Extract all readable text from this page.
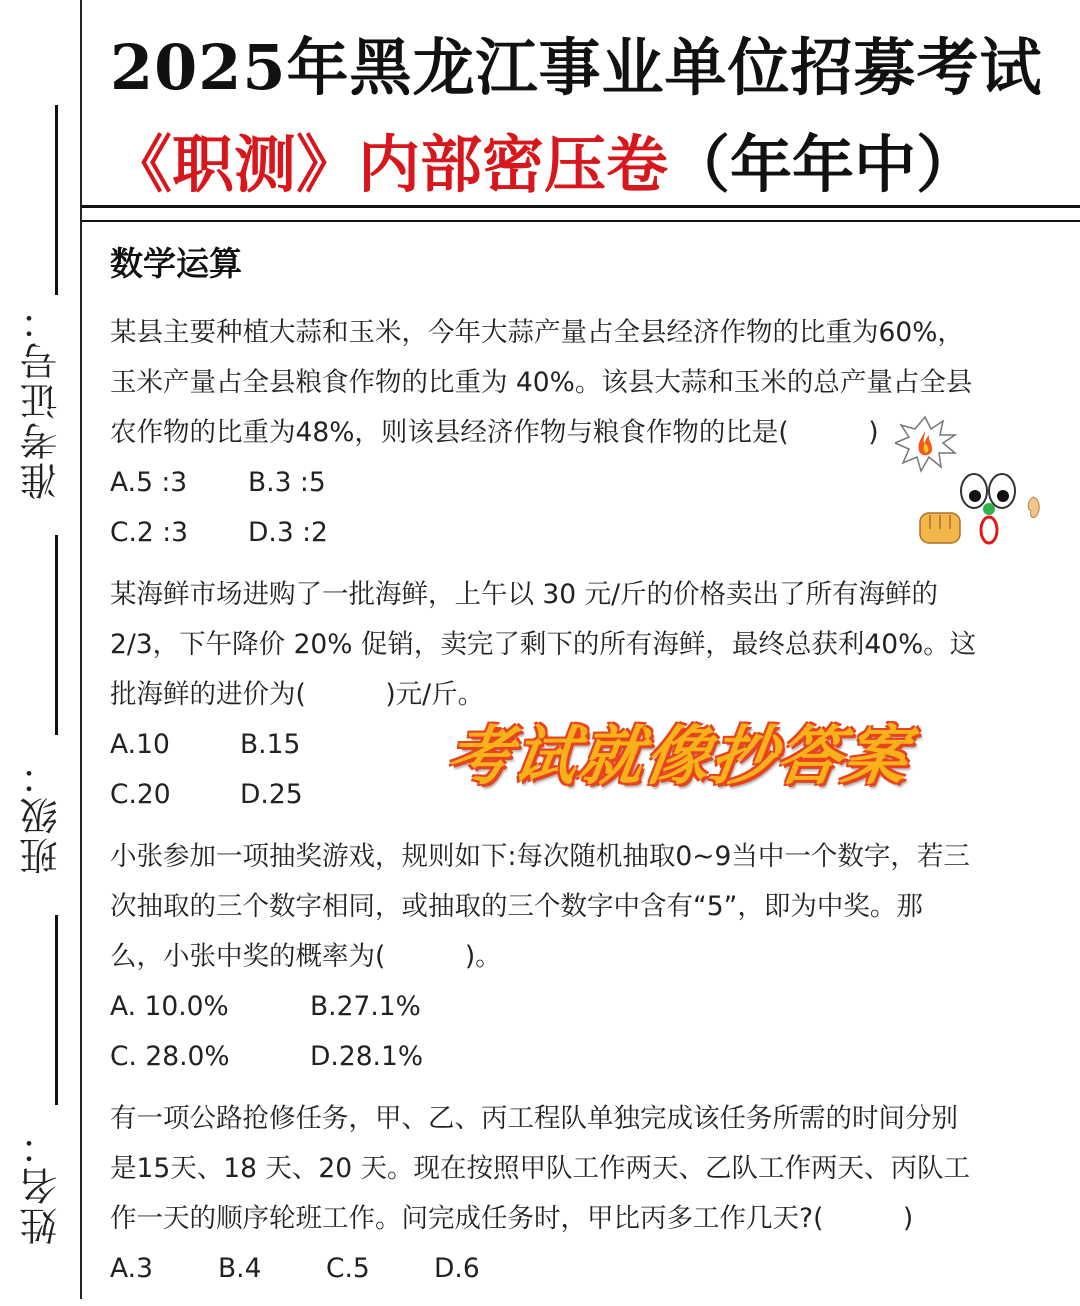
准考证号：
班级：
姓名：
2025年黑龙江事业单位招募考试
《职测》内部密压卷（年年中）
数学运算
某县主要种植大蒜和玉米，今年大蒜产量占全县经济作物的比重为60%，
玉米产量占全县粮食作物的比重为 40%。该县大蒜和玉米的总产量占全县
农作物的比重为48%，则该县经济作物与粮食作物的比是(　　　)
A.5 :3 B.3 :5
C.2 :3 D.3 :2
某海鲜市场进购了一批海鲜，上午以 30 元/斤的价格卖出了所有海鲜的
2/3，下午降价 20% 促销，卖完了剩下的所有海鲜，最终总获利40%。这
批海鲜的进价为(　　　)元/斤。
A.10	B.15
C.20	D.25
小张参加一项抽奖游戏，规则如下:每次随机抽取0~9当中一个数字，若三
次抽取的三个数字相同，或抽取的三个数字中含有“5”，即为中奖。那
么，小张中奖的概率为(　　　)。
A. 10.0%	B.27.1%
C. 28.0%	D.28.1%
有一项公路抢修任务，甲、乙、丙工程队单独完成该任务所需的时间分别
是15天、18 天、20 天。现在按照甲队工作两天、乙队工作两天、丙队工
作一天的顺序轮班工作。问完成任务时，甲比丙多工作几天?(　　　)
A.3 B.4 C.5 D.6
考试就像抄答案
